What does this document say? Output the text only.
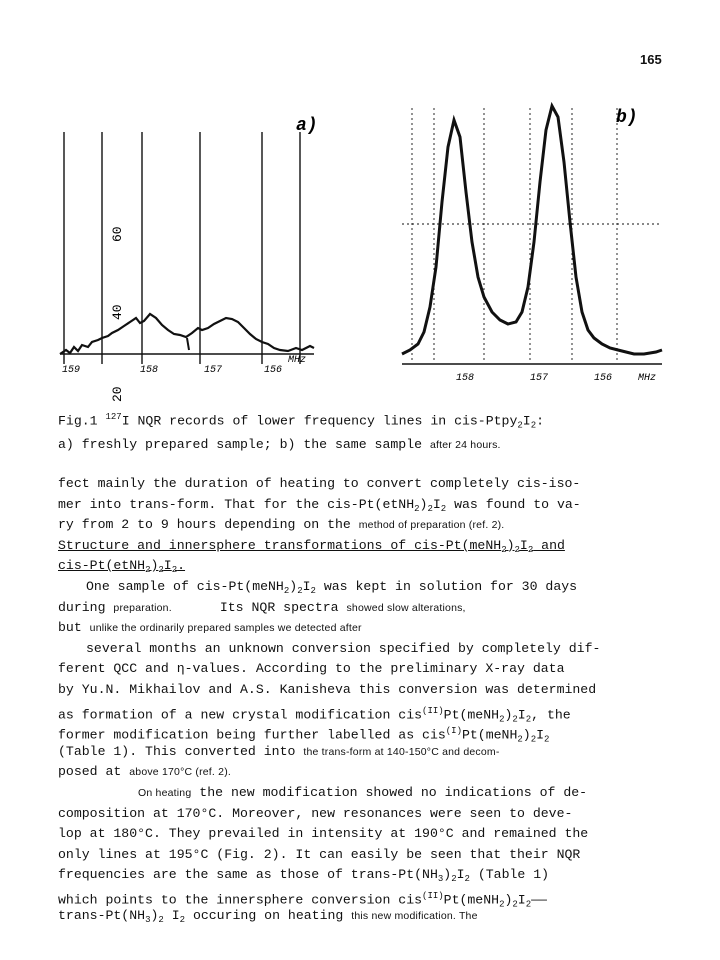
165
a)
60
40
20
159	158	157	156
MHz
b)
158	157	156	MHz
Fig.1 $^{127}$I NQR records of lower frequency lines in cis-$Ptpy_2I_2$:
a) freshly prepared sample; b) the same sample after 24 hours.
fect mainly the duration of heating to convert completely cis-iso-
mer into trans-form. That for the cis-$Pt(etNH_2)_2I_2$ was found to va-
ry from 2 to 9 hours depending on the method of preparation (ref. 2).
Structure and innersphere transformations of cis-$Pt(meNH_2)_2I_2$ and
cis-$Pt(etNH_2)_2I_2$.
One sample of cis-$Pt(meNH_2)_2I_2$ was kept in solution for 30 days
during preparation.	Its NQR spectra showed slow alterations,
but unlike the ordinarily prepared samples we detected after
several months an unknown conversion specified by completely dif-
ferent QCC and η-values. According to the preliminary X-ray data
by Yu.N. Mikhailov and A.S. Kanisheva this conversion was determined
as formation of a new crystal modification $cis^{(II)}Pt(meNH_2)_2I_2$, the
former modification being further labelled as $cis^{(I)}Pt(meNH_2)_2I_2$
(Table 1). This converted into the trans-form at 140-150°C and decom-
posed at above 170°C (ref. 2).
On heating the new modification showed no indications of de-
composition at 170°C. Moreover, new resonances were seen to deve-
lop at 180°C. They prevailed in intensity at 190°C and remained the
only lines at 195°C (Fig. 2). It can easily be seen that their NQR
frequencies are the same as those of trans-$Pt(NH_3)_2I_2$ (Table 1)
which points to the innersphere conversion $cis^{(II)}Pt(meNH_2)_2I_2——$
trans-$Pt(NH_3)_2$ $I_2$ occuring on heating this new modification. The
